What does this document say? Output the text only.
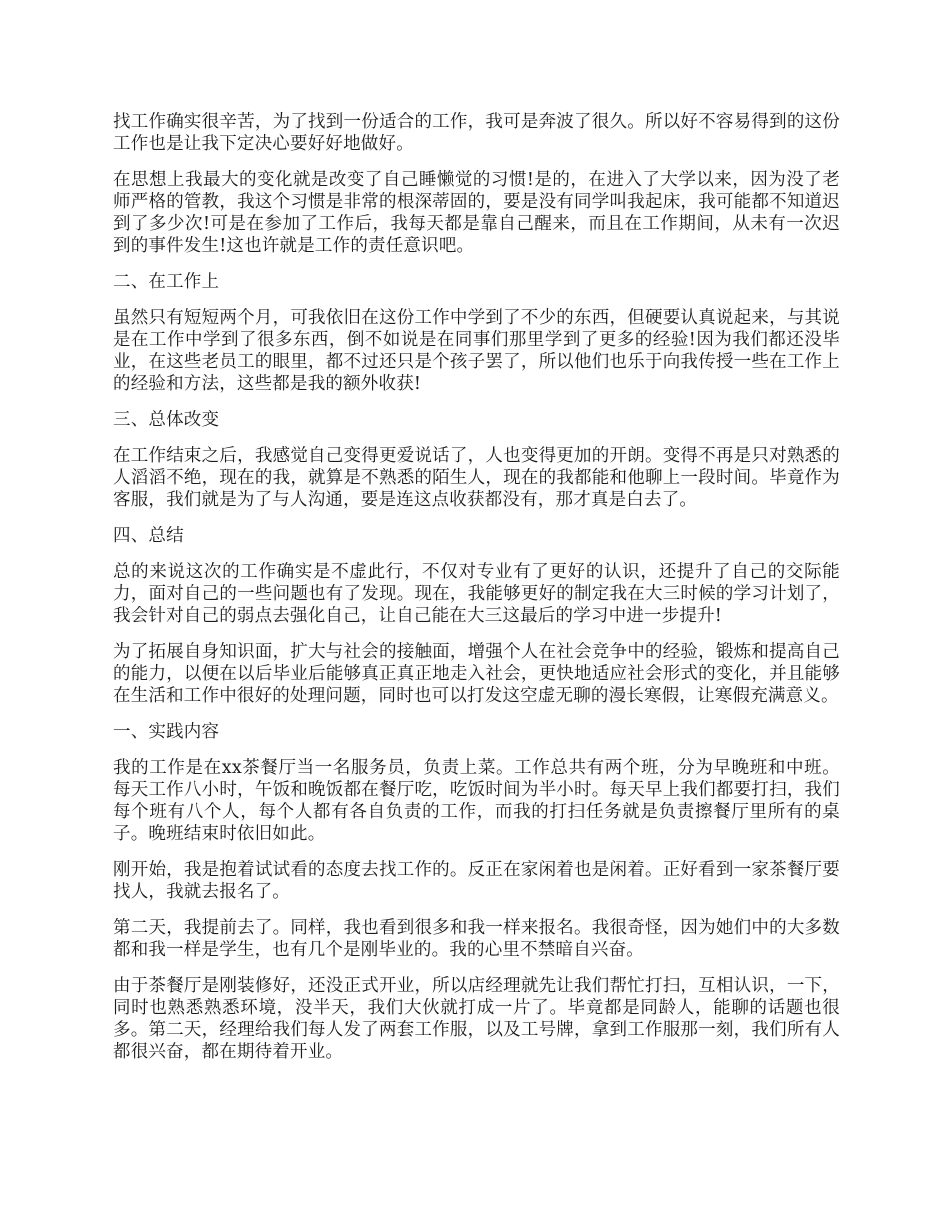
找工作确实很辛苦，为了找到一份适合的工作，我可是奔波了很久。所以好不容易得到的这份工作也是让我下定决心要好好地做好。

在思想上我最大的变化就是改变了自己睡懒觉的习惯!是的，在进入了大学以来，因为没了老师严格的管教，我这个习惯是非常的根深蒂固的，要是没有同学叫我起床，我可能都不知道迟到了多少次!可是在参加了工作后，我每天都是靠自己醒来，而且在工作期间，从未有一次迟到的事件发生!这也许就是工作的责任意识吧。

二、在工作上

虽然只有短短两个月，可我依旧在这份工作中学到了不少的东西，但硬要认真说起来，与其说是在工作中学到了很多东西，倒不如说是在同事们那里学到了更多的经验!因为我们都还没毕业，在这些老员工的眼里，都不过还只是个孩子罢了，所以他们也乐于向我传授一些在工作上的经验和方法，这些都是我的额外收获!

三、总体改变

在工作结束之后，我感觉自己变得更爱说话了，人也变得更加的开朗。变得不再是只对熟悉的人滔滔不绝，现在的我，就算是不熟悉的陌生人，现在的我都能和他聊上一段时间。毕竟作为客服，我们就是为了与人沟通，要是连这点收获都没有，那才真是白去了。

四、总结

总的来说这次的工作确实是不虚此行，不仅对专业有了更好的认识，还提升了自己的交际能力，面对自己的一些问题也有了发现。现在，我能够更好的制定我在大三时候的学习计划了，我会针对自己的弱点去强化自己，让自己能在大三这最后的学习中进一步提升!

为了拓展自身知识面，扩大与社会的接触面，增强个人在社会竞争中的经验，锻炼和提高自己的能力，以便在以后毕业后能够真正真正地走入社会，更快地适应社会形式的变化，并且能够在生活和工作中很好的处理问题，同时也可以打发这空虚无聊的漫长寒假，让寒假充满意义。

一、实践内容

我的工作是在xx茶餐厅当一名服务员，负责上菜。工作总共有两个班，分为早晚班和中班。每天工作八小时，午饭和晚饭都在餐厅吃，吃饭时间为半小时。每天早上我们都要打扫，我们每个班有八个人，每个人都有各自负责的工作，而我的打扫任务就是负责擦餐厅里所有的桌子。晚班结束时依旧如此。

刚开始，我是抱着试试看的态度去找工作的。反正在家闲着也是闲着。正好看到一家茶餐厅要找人，我就去报名了。

第二天，我提前去了。同样，我也看到很多和我一样来报名。我很奇怪，因为她们中的大多数都和我一样是学生，也有几个是刚毕业的。我的心里不禁暗自兴奋。

由于茶餐厅是刚装修好，还没正式开业，所以店经理就先让我们帮忙打扫，互相认识，一下，同时也熟悉熟悉环境，没半天，我们大伙就打成一片了。毕竟都是同龄人，能聊的话题也很多。第二天，经理给我们每人发了两套工作服，以及工号牌，拿到工作服那一刻，我们所有人都很兴奋，都在期待着开业。
